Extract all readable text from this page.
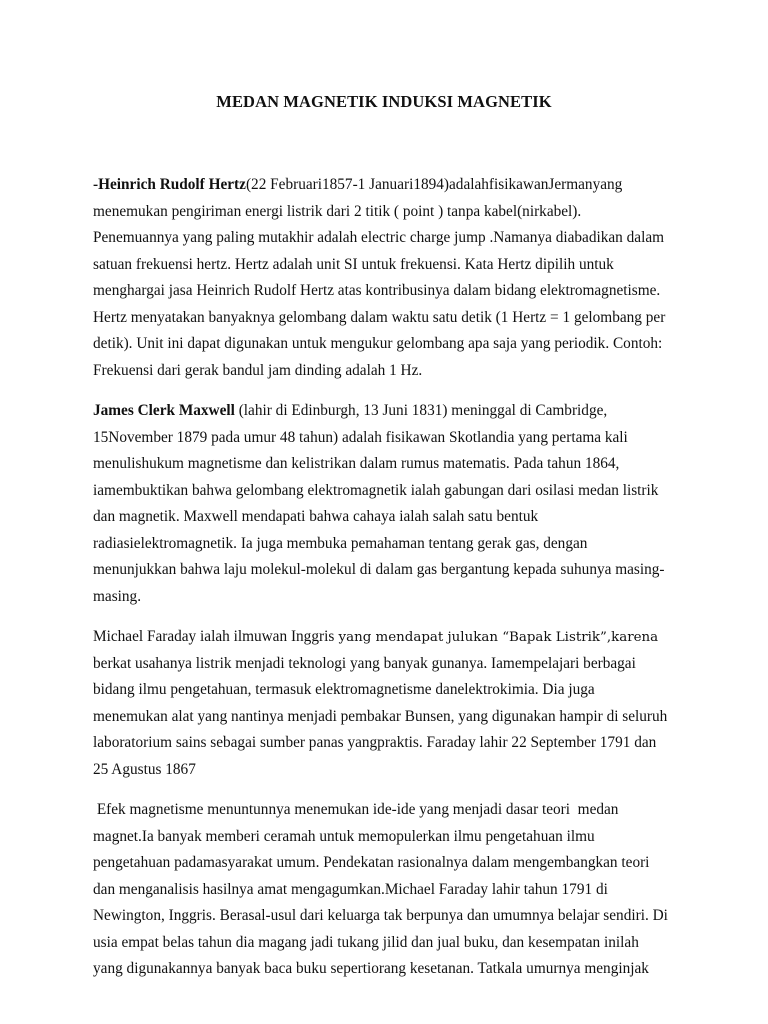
MEDAN MAGNETIK INDUKSI MAGNETIK
-Heinrich Rudolf Hertz(22 Februari1857-1 Januari1894)adalahfisikawanJermanyang
menemukan pengiriman energi listrik dari 2 titik ( point ) tanpa kabel(nirkabel).
Penemuannya yang paling mutakhir adalah electric charge jump .Namanya diabadikan dalam
satuan frekuensi hertz. Hertz adalah unit SI untuk frekuensi. Kata Hertz dipilih untuk
menghargai jasa Heinrich Rudolf Hertz atas kontribusinya dalam bidang elektromagnetisme.
Hertz menyatakan banyaknya gelombang dalam waktu satu detik (1 Hertz = 1 gelombang per
detik). Unit ini dapat digunakan untuk mengukur gelombang apa saja yang periodik. Contoh:
Frekuensi dari gerak bandul jam dinding adalah 1 Hz.
James Clerk Maxwell (lahir di Edinburgh, 13 Juni 1831) meninggal di Cambridge,
15November 1879 pada umur 48 tahun) adalah fisikawan Skotlandia yang pertama kali
menulishukum magnetisme dan kelistrikan dalam rumus matematis. Pada tahun 1864,
iamembuktikan bahwa gelombang elektromagnetik ialah gabungan dari osilasi medan listrik
dan magnetik. Maxwell mendapati bahwa cahaya ialah salah satu bentuk
radiasielektromagnetik. Ia juga membuka pemahaman tentang gerak gas, dengan
menunjukkan bahwa laju molekul-molekul di dalam gas bergantung kepada suhunya masing-
masing.
Michael Faraday ialah ilmuwan Inggris yang mendapat julukan “Bapak Listrik”,karena
berkat usahanya listrik menjadi teknologi yang banyak gunanya. Iamempelajari berbagai
bidang ilmu pengetahuan, termasuk elektromagnetisme danelektrokimia. Dia juga
menemukan alat yang nantinya menjadi pembakar Bunsen, yang digunakan hampir di seluruh
laboratorium sains sebagai sumber panas yangpraktis. Faraday lahir 22 September 1791 dan
25 Agustus 1867
Efek magnetisme menuntunnya menemukan ide-ide yang menjadi dasar teori  medan
magnet.Ia banyak memberi ceramah untuk memopulerkan ilmu pengetahuan ilmu
pengetahuan padamasyarakat umum. Pendekatan rasionalnya dalam mengembangkan teori
dan menganalisis hasilnya amat mengagumkan.Michael Faraday lahir tahun 1791 di
Newington, Inggris. Berasal-usul dari keluarga tak berpunya dan umumnya belajar sendiri. Di
usia empat belas tahun dia magang jadi tukang jilid dan jual buku, dan kesempatan inilah
yang digunakannya banyak baca buku sepertiorang kesetanan. Tatkala umurnya menginjak
